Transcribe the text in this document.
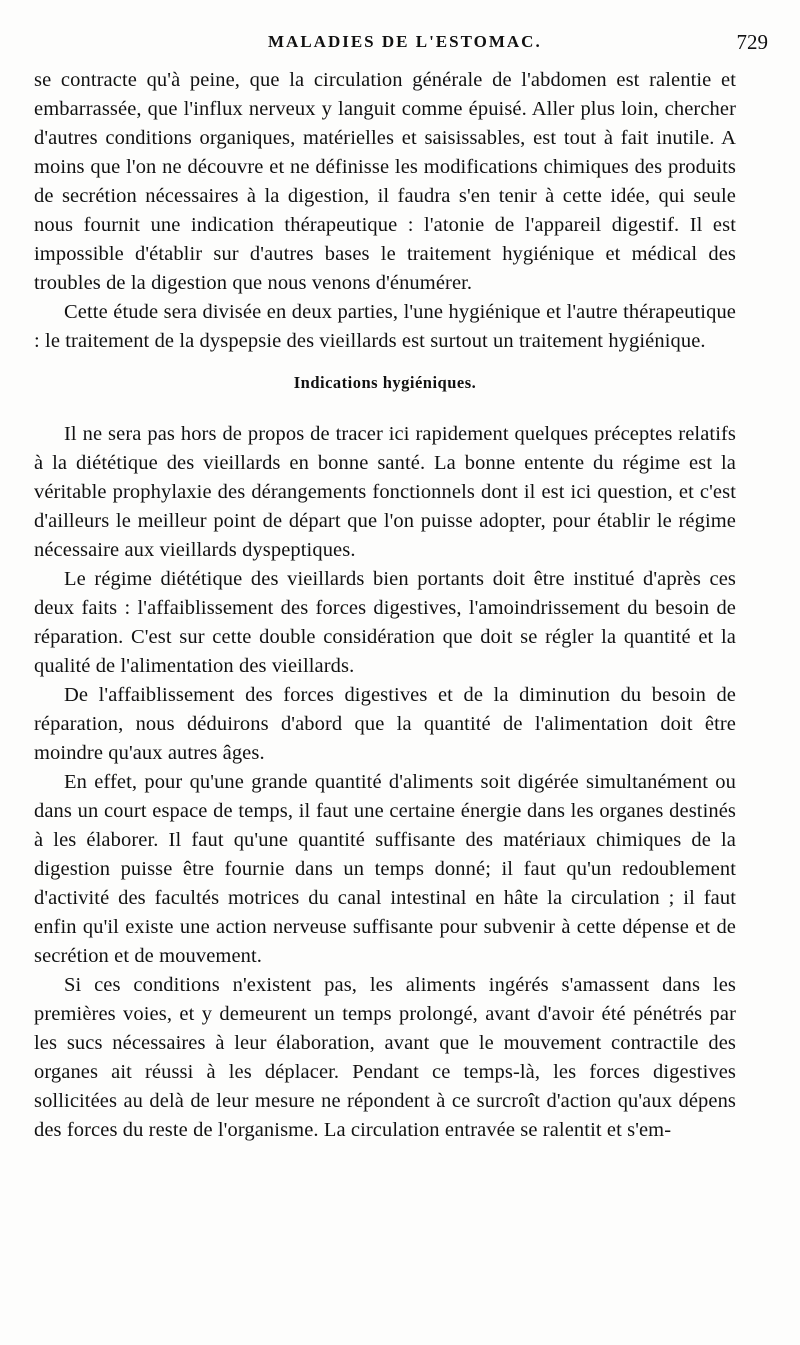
MALADIES DE L'ESTOMAC.	729

se contracte qu'à peine, que la circulation générale de l'abdomen est ralentie et embarrassée, que l'influx nerveux y languit comme épuisé. Aller plus loin, chercher d'autres conditions organiques, matérielles et saisissables, est tout à fait inutile. A moins que l'on ne découvre et ne définisse les modifications chimiques des produits de secrétion nécessaires à la digestion, il faudra s'en tenir à cette idée, qui seule nous fournit une indication thérapeutique : l'atonie de l'appareil digestif. Il est impossible d'établir sur d'autres bases le traitement hygiénique et médical des troubles de la digestion que nous venons d'énumérer.

Cette étude sera divisée en deux parties, l'une hygiénique et l'autre thérapeutique : le traitement de la dyspepsie des vieillards est surtout un traitement hygiénique.

Indications hygiéniques.

Il ne sera pas hors de propos de tracer ici rapidement quelques préceptes relatifs à la diététique des vieillards en bonne santé. La bonne entente du régime est la véritable prophylaxie des dérangements fonctionnels dont il est ici question, et c'est d'ailleurs le meilleur point de départ que l'on puisse adopter, pour établir le régime nécessaire aux vieillards dyspeptiques.

Le régime diététique des vieillards bien portants doit être institué d'après ces deux faits : l'affaiblissement des forces digestives, l'amoindrissement du besoin de réparation. C'est sur cette double considération que doit se régler la quantité et la qualité de l'alimentation des vieillards.

De l'affaiblissement des forces digestives et de la diminution du besoin de réparation, nous déduirons d'abord que la quantité de l'alimentation doit être moindre qu'aux autres âges.

En effet, pour qu'une grande quantité d'aliments soit digérée simultanément ou dans un court espace de temps, il faut une certaine énergie dans les organes destinés à les élaborer. Il faut qu'une quantité suffisante des matériaux chimiques de la digestion puisse être fournie dans un temps donné; il faut qu'un redoublement d'activité des facultés motrices du canal intestinal en hâte la circulation ; il faut enfin qu'il existe une action nerveuse suffisante pour subvenir à cette dépense et de secrétion et de mouvement.

Si ces conditions n'existent pas, les aliments ingérés s'amassent dans les premières voies, et y demeurent un temps prolongé, avant d'avoir été pénétrés par les sucs nécessaires à leur élaboration, avant que le mouvement contractile des organes ait réussi à les déplacer. Pendant ce temps-là, les forces digestives sollicitées au delà de leur mesure ne répondent à ce surcroît d'action qu'aux dépens des forces du reste de l'organisme. La circulation entravée se ralentit et s'em-
